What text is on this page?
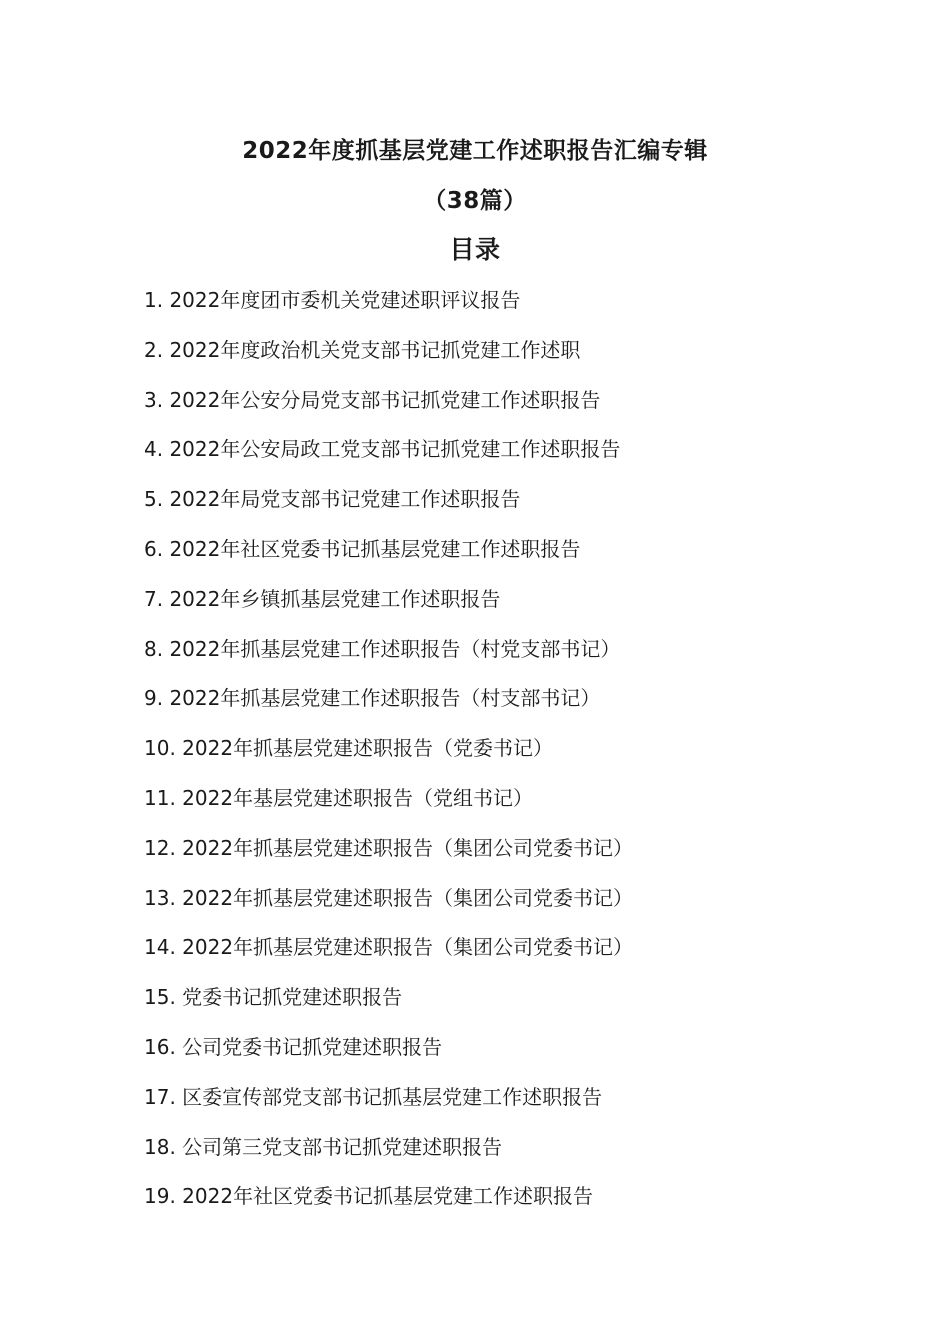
2022年度抓基层党建工作述职报告汇编专辑
（38篇）
目录
1. 2022年度团市委机关党建述职评议报告
2. 2022年度政治机关党支部书记抓党建工作述职
3. 2022年公安分局党支部书记抓党建工作述职报告
4. 2022年公安局政工党支部书记抓党建工作述职报告
5. 2022年局党支部书记党建工作述职报告
6. 2022年社区党委书记抓基层党建工作述职报告
7. 2022年乡镇抓基层党建工作述职报告
8. 2022年抓基层党建工作述职报告（村党支部书记）
9. 2022年抓基层党建工作述职报告（村支部书记）
10. 2022年抓基层党建述职报告（党委书记）
11. 2022年基层党建述职报告（党组书记）
12. 2022年抓基层党建述职报告（集团公司党委书记）
13. 2022年抓基层党建述职报告（集团公司党委书记）
14. 2022年抓基层党建述职报告（集团公司党委书记）
15. 党委书记抓党建述职报告
16. 公司党委书记抓党建述职报告
17. 区委宣传部党支部书记抓基层党建工作述职报告
18. 公司第三党支部书记抓党建述职报告
19. 2022年社区党委书记抓基层党建工作述职报告
